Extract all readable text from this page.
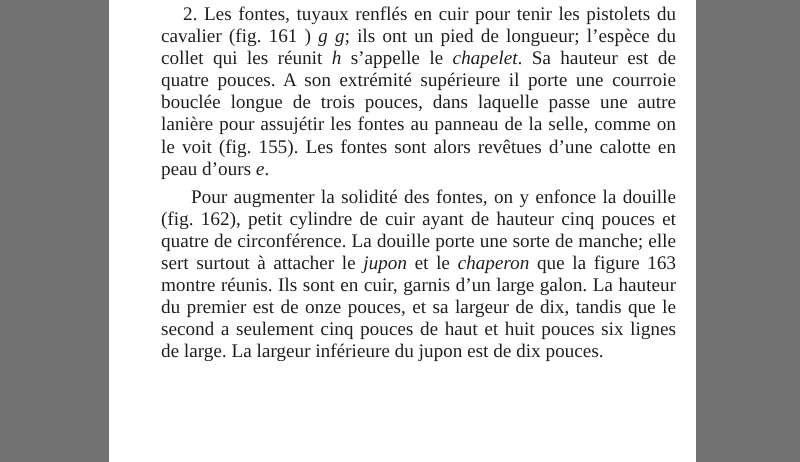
2. Les fontes, tuyaux renflés en cuir pour tenir les pistolets du cavalier (fig. 161 ) g g; ils ont un pied de longueur; l’espèce du collet qui les réunit h s’appelle le chapelet. Sa hauteur est de quatre pouces. A son extrémité supérieure il porte une courroie bouclée longue de trois pouces, dans laquelle passe une autre lanière pour assujétir les fontes au panneau de la selle, comme on le voit (fig. 155). Les fontes sont alors revêtues d’une calotte en peau d’ours e.

Pour augmenter la solidité des fontes, on y enfonce la douille (fig. 162), petit cylindre de cuir ayant de hauteur cinq pouces et quatre de circonférence. La douille porte une sorte de manche; elle sert surtout à attacher le jupon et le chaperon que la figure 163 montre réunis. Ils sont en cuir, garnis d’un large galon. La hauteur du premier est de onze pouces, et sa largeur de dix, tandis que le second a seulement cinq pouces de haut et huit pouces six lignes de large. La largeur inférieure du jupon est de dix pouces.
